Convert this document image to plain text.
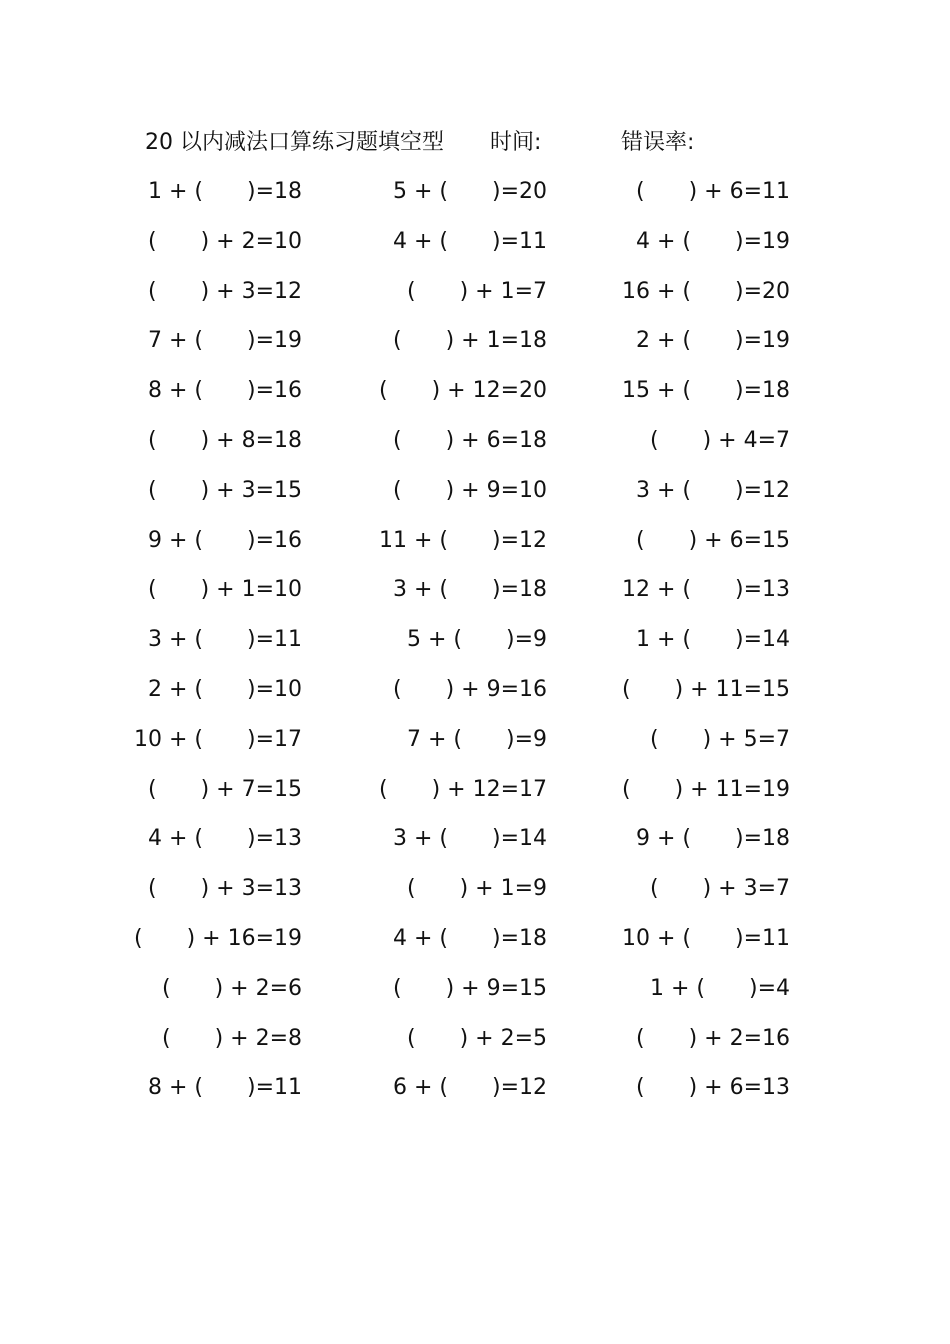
20 以内减法口算练习题填空型 时间:	错误率:
1 + (　　)=18	5 + (　　)=20	(　　) + 6=11
(　　) + 2=10	4 + (　　)=11	4 + (　　)=19
(　　) + 3=12	(　　) + 1=7	16 + (　　)=20
7 + (　　)=19	(　　) + 1=18	2 + (　　)=19
8 + (　　)=16	(　　) + 12=20	15 + (　　)=18
(　　) + 8=18	(　　) + 6=18	(　　) + 4=7
(　　) + 3=15	(　　) + 9=10	3 + (　　)=12
9 + (　　)=16	11 + (　　)=12	(　　) + 6=15
(　　) + 1=10	3 + (　　)=18	12 + (　　)=13
3 + (　　)=11	5 + (　　)=9	1 + (　　)=14
2 + (　　)=10	(　　) + 9=16	(　　) + 11=15
10 + (　　)=17	7 + (　　)=9	(　　) + 5=7
(　　) + 7=15	(　　) + 12=17	(　　) + 11=19
4 + (　　)=13	3 + (　　)=14	9 + (　　)=18
(　　) + 3=13	(　　) + 1=9	(　　) + 3=7
(　　) + 16=19	4 + (　　)=18	10 + (　　)=11
(　　) + 2=6	(　　) + 9=15	1 + (　　)=4
(　　) + 2=8	(　　) + 2=5	(　　) + 2=16
8 + (　　)=11	6 + (　　)=12	(　　) + 6=13
